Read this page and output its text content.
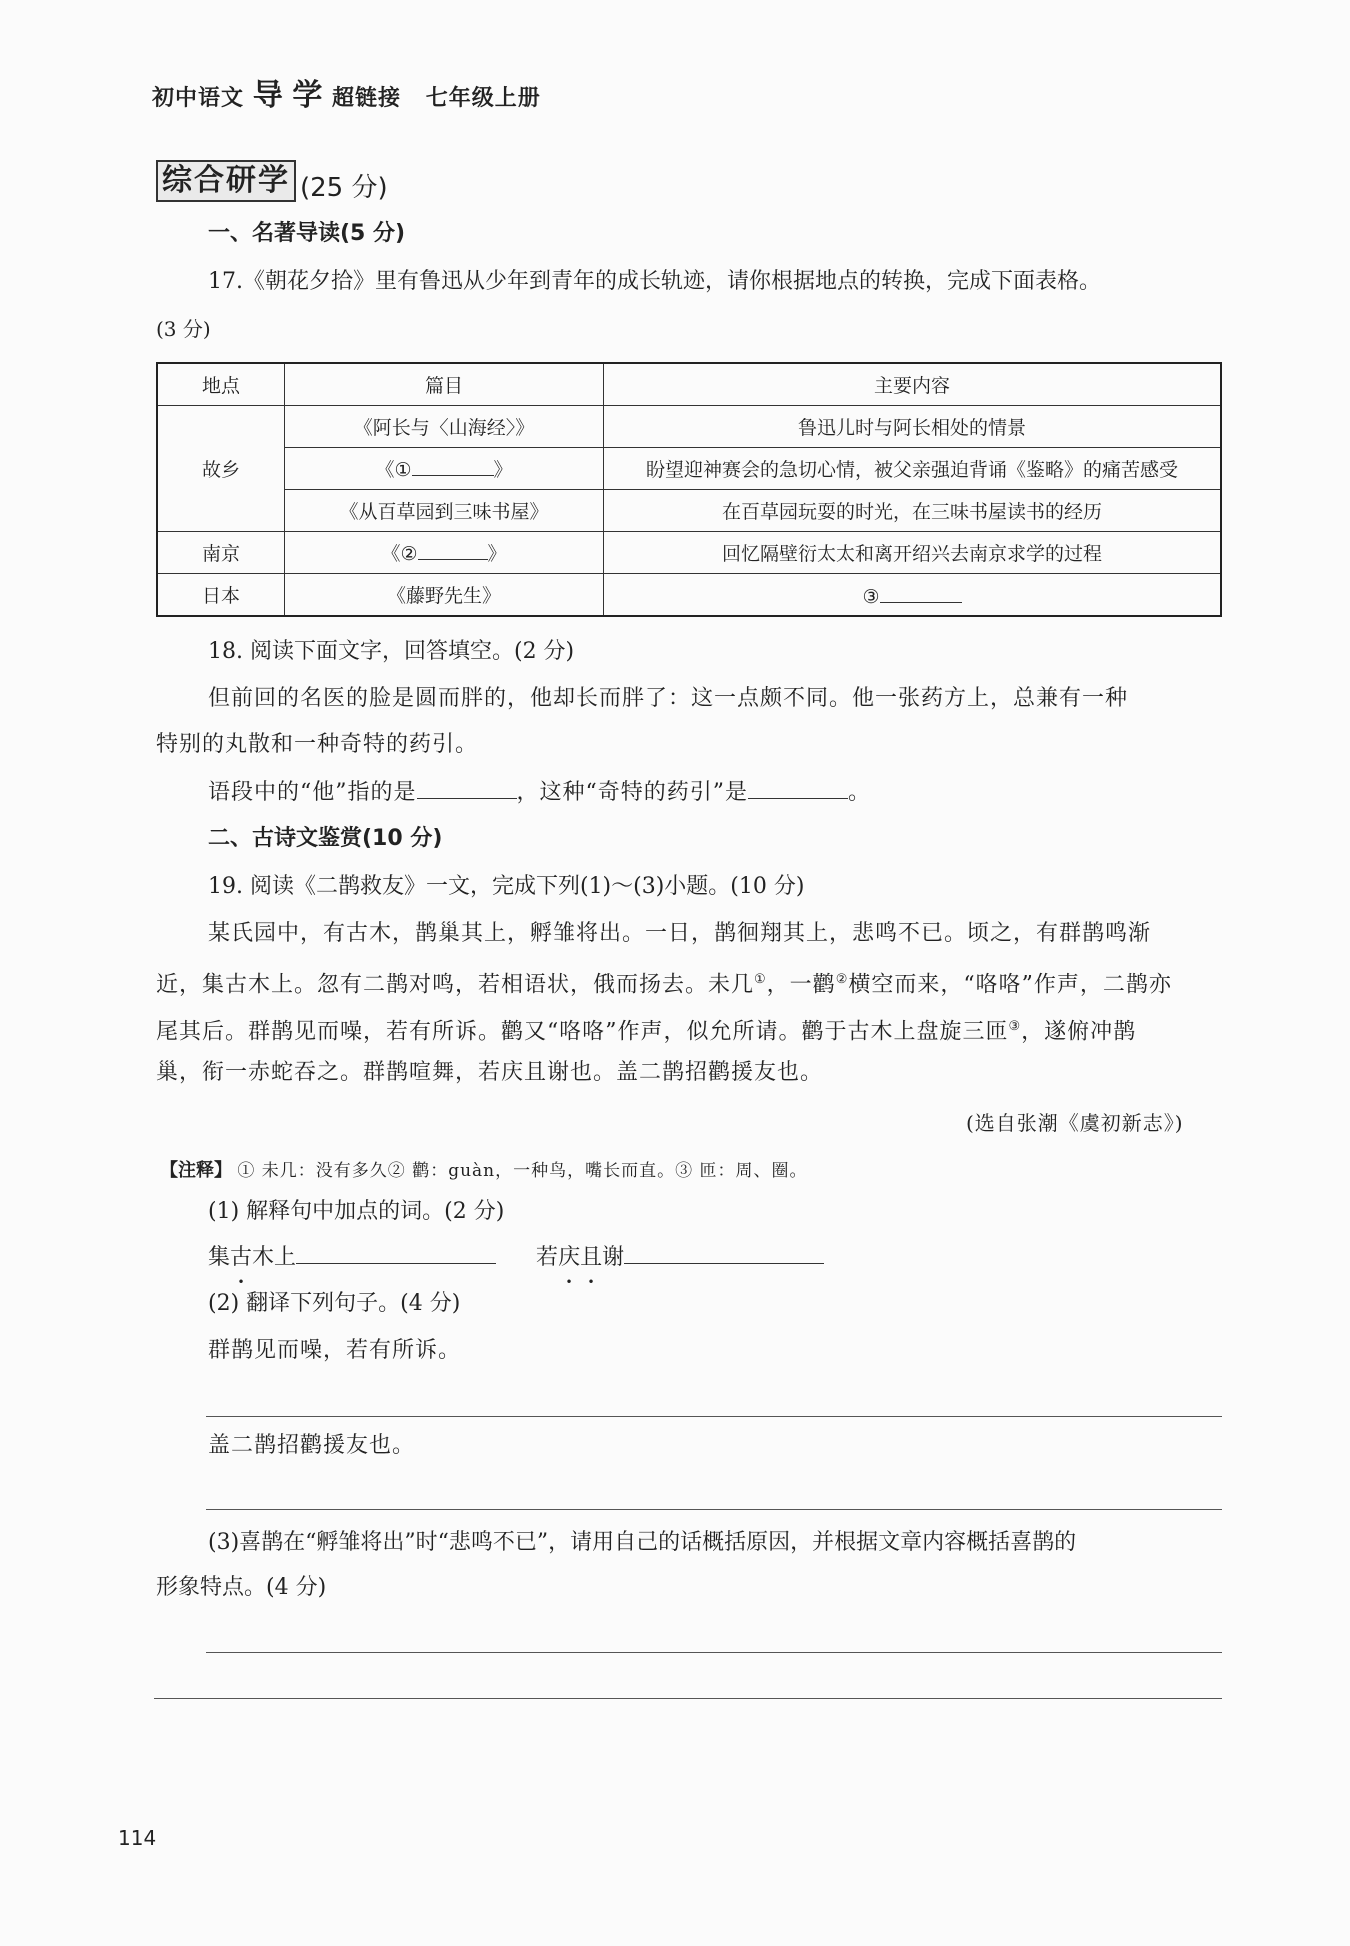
初中语文 导 学 超链接 七年级上册
综合研学 (25 分)
一、名著导读(5 分)
17.《朝花夕拾》里有鲁迅从少年到青年的成长轨迹，请你根据地点的转换，完成下面表格。
(3 分)
地点	篇目	主要内容
故乡	《阿长与〈山海经〉》	鲁迅儿时与阿长相处的情景
	《① 》	盼望迎神赛会的急切心情，被父亲强迫背诵《鉴略》的痛苦感受
	《从百草园到三味书屋》	在百草园玩耍的时光，在三味书屋读书的经历
南京	《② 》	回忆隔壁衍太太和离开绍兴去南京求学的过程
日本	《藤野先生》	③
18. 阅读下面文字，回答填空。(2 分)
但前回的名医的脸是圆而胖的，他却长而胖了：这一点颇不同。他一张药方上，总兼有一种
特别的丸散和一种奇特的药引。
语段中的“他”指的是	，这种“奇特的药引”是	。
二、古诗文鉴赏(10 分)
19. 阅读《二鹊救友》一文，完成下列(1)～(3)小题。(10 分)
某氏园中，有古木，鹊巢其上，孵雏将出。一日，鹊徊翔其上，悲鸣不已。顷之，有群鹊鸣渐
近，集古木上。忽有二鹊对鸣，若相语状，俄而扬去。未几①，一鹳②横空而来，“咯咯”作声，二鹊亦
尾其后。群鹊见而噪，若有所诉。鹳又“咯咯”作声，似允所请。鹳于古木上盘旋三匝③，遂俯冲鹊
巢，衔一赤蛇吞之。群鹊喧舞，若庆且谢也。盖二鹊招鹳援友也。
(选自张潮《虞初新志》)
【注释】 ① 未几：没有多久② 鹳：guàn，一种鸟，嘴长而直。③ 匝：周、圈。
(1) 解释句中加点的词。(2 分)
集古木上	若庆且谢
(2) 翻译下列句子。(4 分)
群鹊见而噪，若有所诉。
盖二鹊招鹳援友也。
(3)喜鹊在“孵雏将出”时“悲鸣不已”，请用自己的话概括原因，并根据文章内容概括喜鹊的
形象特点。(4 分)
114
